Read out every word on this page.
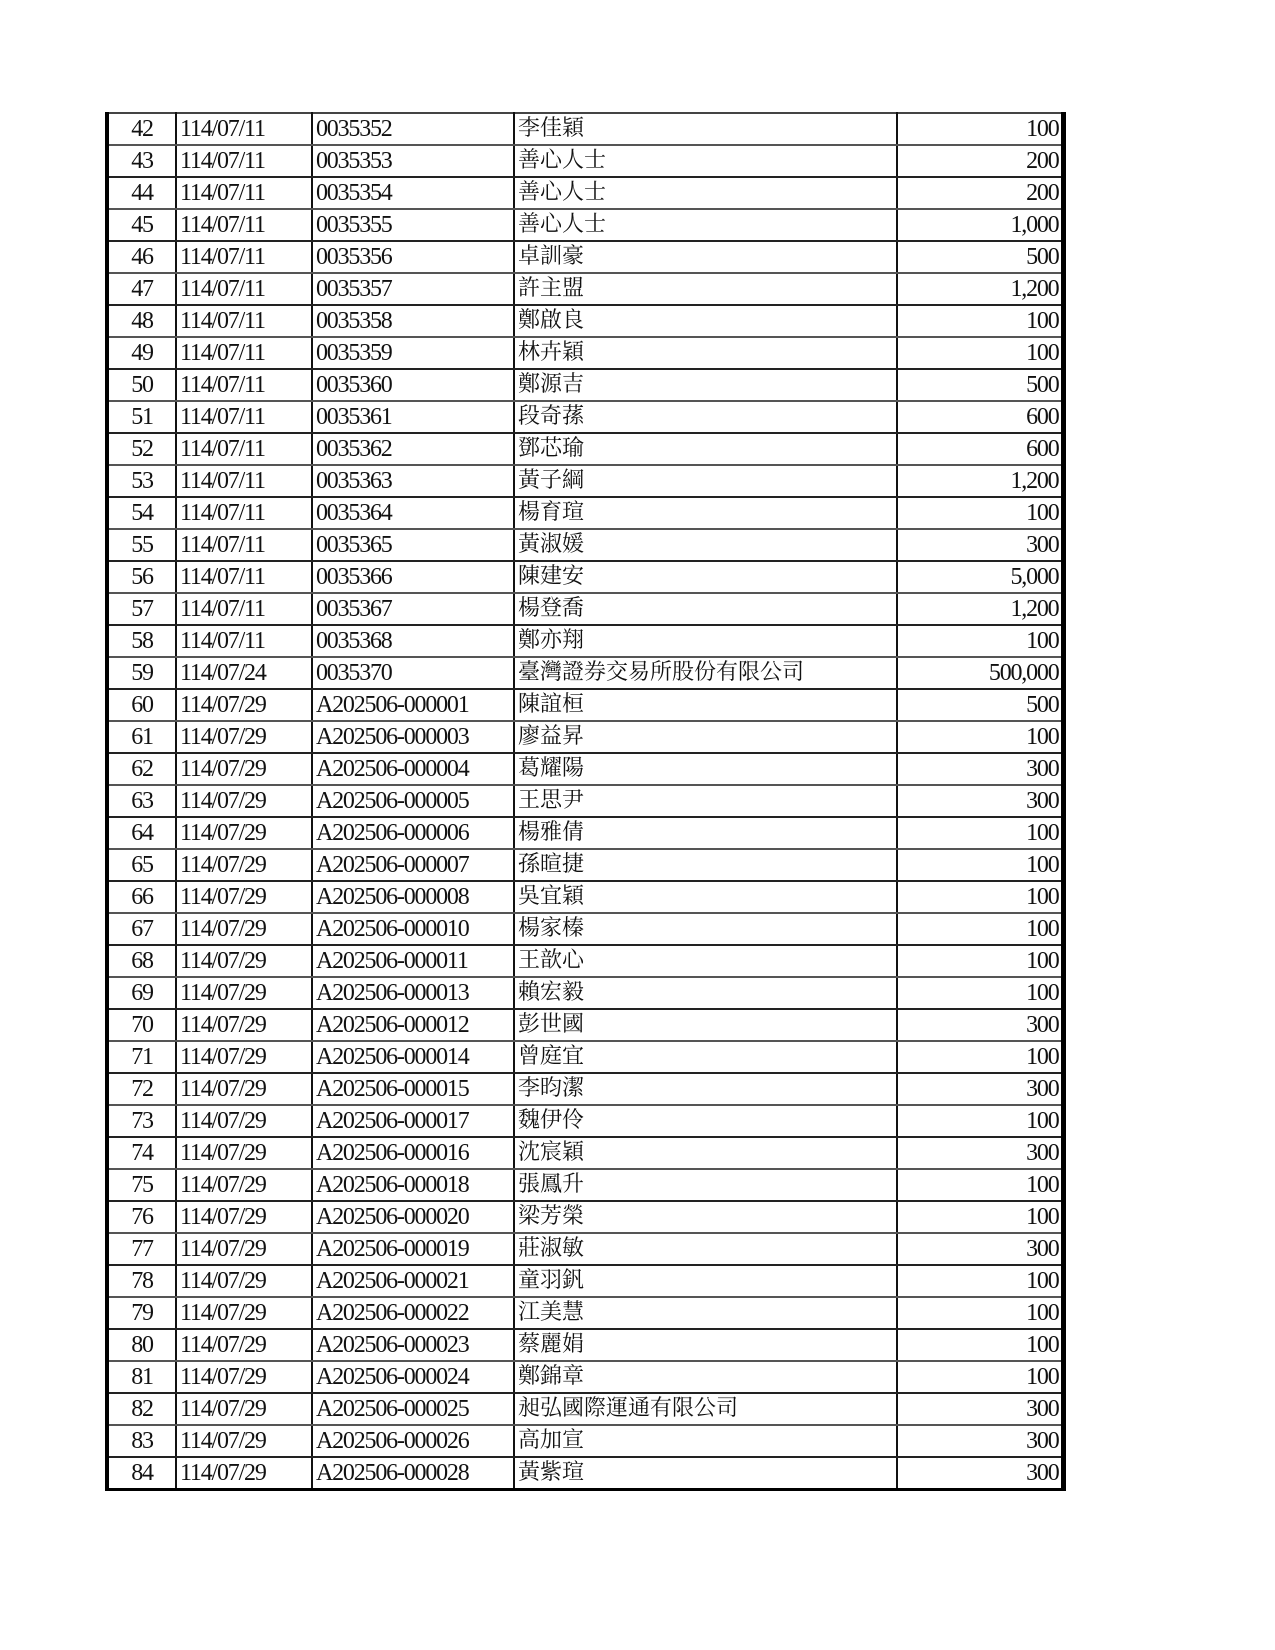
42	114/07/11	0035352	李佳穎	100
43	114/07/11	0035353	善心人士	200
44	114/07/11	0035354	善心人士	200
45	114/07/11	0035355	善心人士	1,000
46	114/07/11	0035356	卓訓豪	500
47	114/07/11	0035357	許主盟	1,200
48	114/07/11	0035358	鄭啟良	100
49	114/07/11	0035359	林卉穎	100
50	114/07/11	0035360	鄭源吉	500
51	114/07/11	0035361	段奇蓀	600
52	114/07/11	0035362	鄧芯瑜	600
53	114/07/11	0035363	黃子綱	1,200
54	114/07/11	0035364	楊育瑄	100
55	114/07/11	0035365	黃淑媛	300
56	114/07/11	0035366	陳建安	5,000
57	114/07/11	0035367	楊登喬	1,200
58	114/07/11	0035368	鄭亦翔	100
59	114/07/24	0035370	臺灣證券交易所股份有限公司	500,000
60	114/07/29	A202506-000001	陳誼桓	500
61	114/07/29	A202506-000003	廖益昇	100
62	114/07/29	A202506-000004	葛耀陽	300
63	114/07/29	A202506-000005	王思尹	300
64	114/07/29	A202506-000006	楊雅倩	100
65	114/07/29	A202506-000007	孫暄捷	100
66	114/07/29	A202506-000008	吳宜穎	100
67	114/07/29	A202506-000010	楊家榛	100
68	114/07/29	A202506-000011	王歆心	100
69	114/07/29	A202506-000013	賴宏毅	100
70	114/07/29	A202506-000012	彭世國	300
71	114/07/29	A202506-000014	曾庭宜	100
72	114/07/29	A202506-000015	李昀潔	300
73	114/07/29	A202506-000017	魏伊伶	100
74	114/07/29	A202506-000016	沈宸穎	300
75	114/07/29	A202506-000018	張鳳升	100
76	114/07/29	A202506-000020	梁芳榮	100
77	114/07/29	A202506-000019	莊淑敏	300
78	114/07/29	A202506-000021	童羽釩	100
79	114/07/29	A202506-000022	江美慧	100
80	114/07/29	A202506-000023	蔡麗娟	100
81	114/07/29	A202506-000024	鄭錦章	100
82	114/07/29	A202506-000025	昶弘國際運通有限公司	300
83	114/07/29	A202506-000026	高加宣	300
84	114/07/29	A202506-000028	黃紫瑄	300
